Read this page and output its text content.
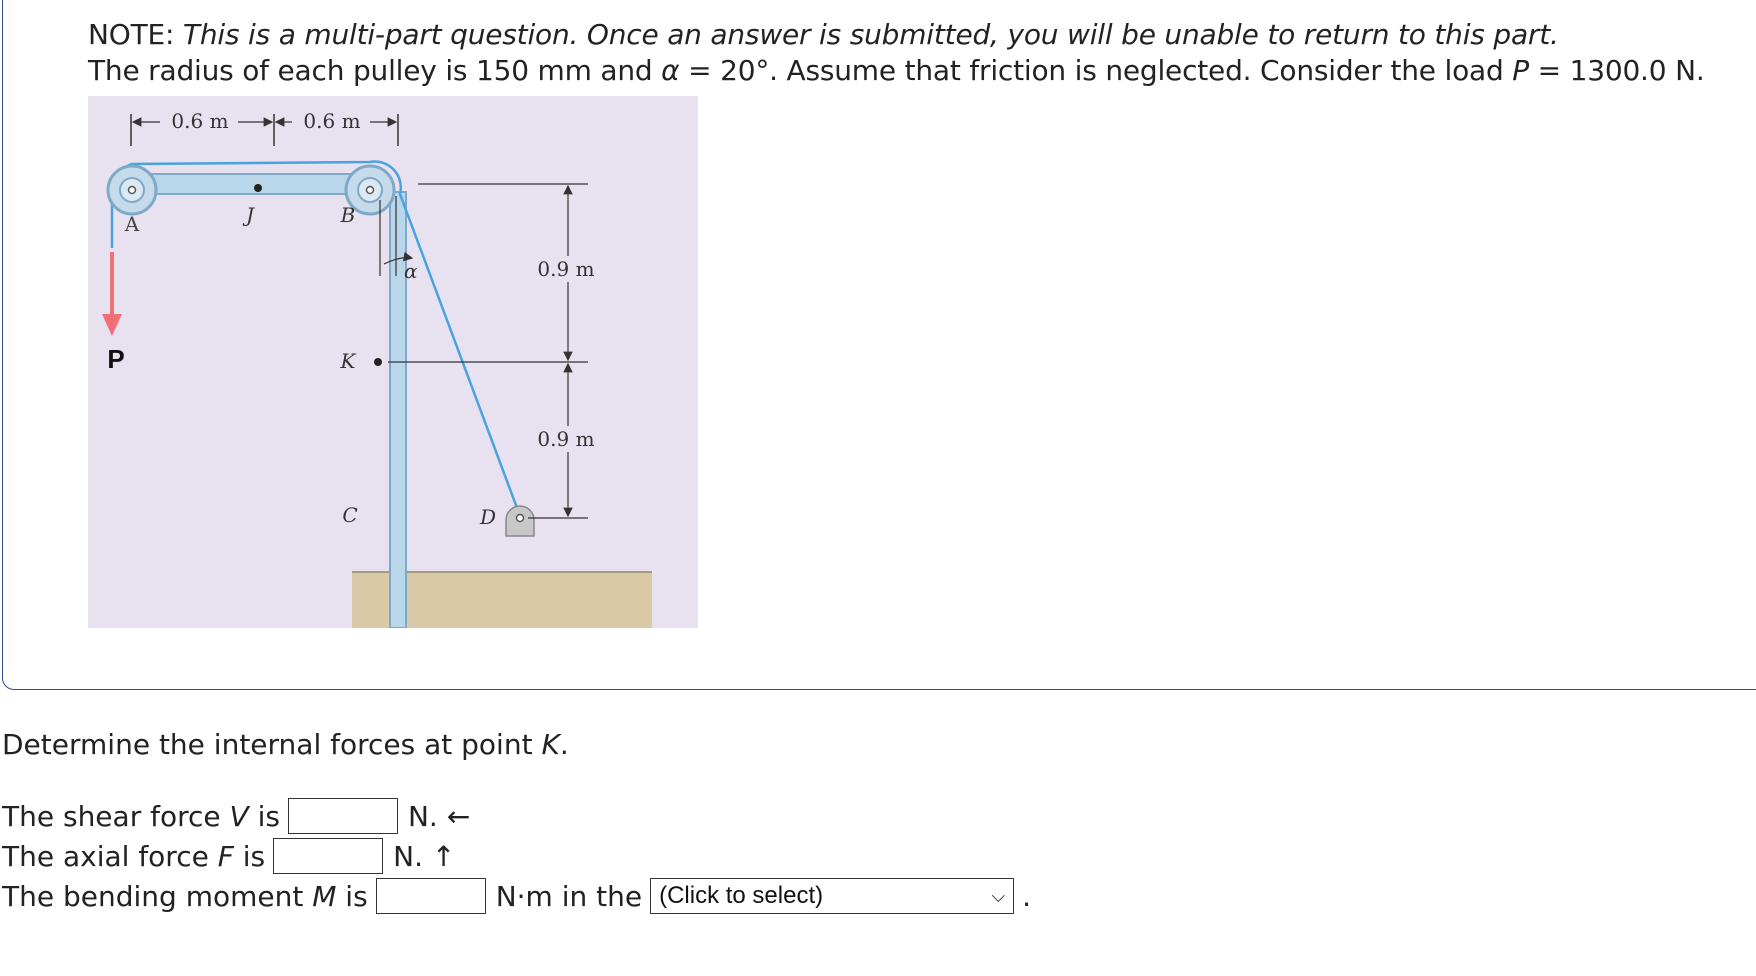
NOTE: This is a multi-part question. Once an answer is submitted, you will be unable to return to this part.
The radius of each pulley is 150 mm and α = 20°. Assume that friction is neglected. Consider the load P = 1300.0 N.
0.6 m	0.6 m
α
P
A	J	B
K
C	D
0.9 m
0.9 m
Determine the internal forces at point K.
The shear force V is	N. ←
The axial force F is	N. ↑
The bending moment M is	N·m in the (Click to select)	⌵ .
